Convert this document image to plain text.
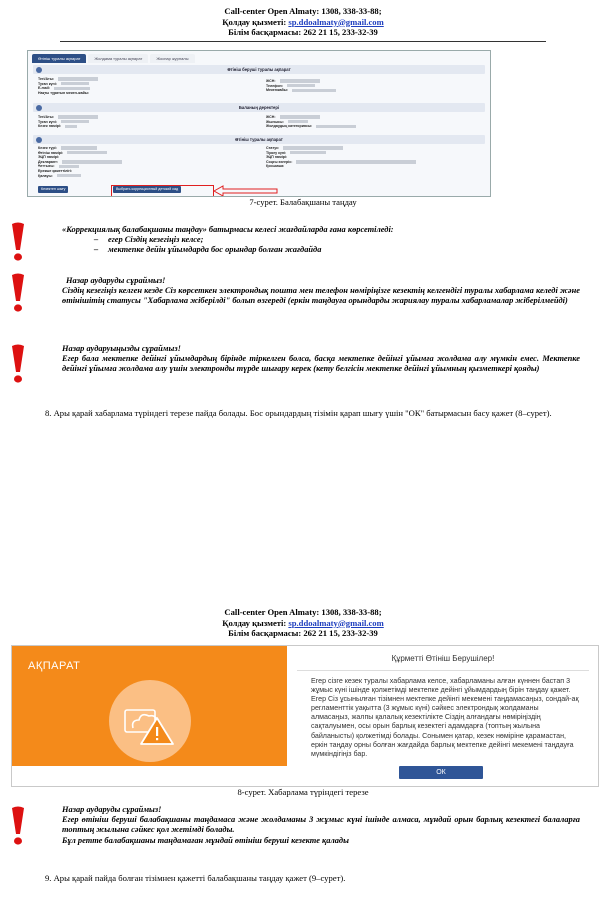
Call-center Open Almaty: 1308, 338-33-88;
Қолдау қызметі: sp.ddoalmaty@gmail.com
Білім басқармасы: 262 21 15, 233-32-39
Өтініш туралы ақпарат	Жолдама туралы ақпарат	Жоспар журналы
Өтініш беруші туралы ақпарат
Тегі/Аты:
Туған күні:
E-mail:
Нақты тұратын мекен-жайы:
ЖСН:
Телефон:
Мекенжайы:
Баланың деректері
Тегі/Аты:
Туған күні:
Кезек нөмірі:
ЖСН:
Жынысы:
Жолдаудың категориясы:
Өтініш туралы ақпарат
Кезек түрі:
Өтініш нөмірі:
ЭЦП нөмірі:
Декларант:
Ұлттығы:
Ерекше қажеттілігі:
Қалауы:
Статус:
Тіркеу күні:
ЭЦП нөмірі:
Соңғы өзгеріс:
Қосымша:
Кезектен шығу	Выбрать коррекционный детский сад
7-сурет. Балабақшаны таңдау
«Коррекциялық балабақшаны таңдау» батырмасы келесі жағдайларда ғана көрсетіледі:
– егер Сіздің кезегіңіз келсе;
– мектепке дейін ұйымдарда бос орындар болған жағдайда
Назар аударуды сұраймыз!
Сіздің кезегіңіз келген кезде Сіз көрсеткен электрондық пошта мен телефон нөміріңізге кезектің келгендігі туралы хабарлама келеді және өтінішітің статусы "Хабарлама жіберілді" болып өзгереді (еркін таңдауға орындарды жариялау туралы хабарламалар жіберілмейді)
Назар аударуыңызды сұраймыз!
Егер бала мектепке дейінгі ұйымдардың бірінде тіркелген болса, басқа мектепке дейінгі ұйымға жолдама алу мүмкін емес. Мектепке дейінгі ұйымға жолдама алу үшін электронды түрде шығару керек (кету белгісін мектепке дейінгі ұйымның қызметкері қояды)
8. Ары қарай хабарлама түріндегі терезе пайда болады. Бос орындардың тізімін қарап шығу үшін "ОК" батырмасын басу қажет (8–сурет).
Call-center Open Almaty: 1308, 338-33-88;
Қолдау қызметі: sp.ddoalmaty@gmail.com
Білім басқармасы: 262 21 15, 233-32-39
АҚПАРАТ
Құрметті Өтініш Берушілер!
Егер сізге кезек туралы хабарлама келсе, хабарламаны алған күннен бастап 3 жұмыс күні ішінде қолжетімді мектепке дейінгі ұйымдардың бірін таңдау қажет. Егер Сіз ұсынылған тізімнен мектепке дейінгі мекемені таңдамасаңыз, сондай-ақ регламенттік уақытта (3 жұмыс күні) сәйкес электрондық жолдаманы алмасаңыз, жалпы қалалық кезектілікте Сіздің алғандағы нөміріңіздің сақталуымен, осы орын барлық кезектегі адамдарға (топтың жылына байланысты) қолжетімді болады. Сонымен қатар, кезек нөміріне қарамастан, еркін таңдау орны болған жағдайда барлық мектепке дейінгі мекемені таңдауға мүмкіндігіңіз бар.
ОК
8-сурет. Хабарлама түріндегі терезе
Назар аударуды сұраймыз!
Егер өтініш беруші балабақшаны таңдамаса және жолдаманы 3 жұмыс күні ішінде алмаса, мұндай орын барлық кезектегі балаларға топтың жылына сәйкес қол жетімді болады.
Бұл ретте балабақшаны таңдамаған мұндай өтініш беруші кезекте қалады
9. Ары қарай пайда болған тізімнен қажетті балабақшаны таңдау қажет (9–сурет).
